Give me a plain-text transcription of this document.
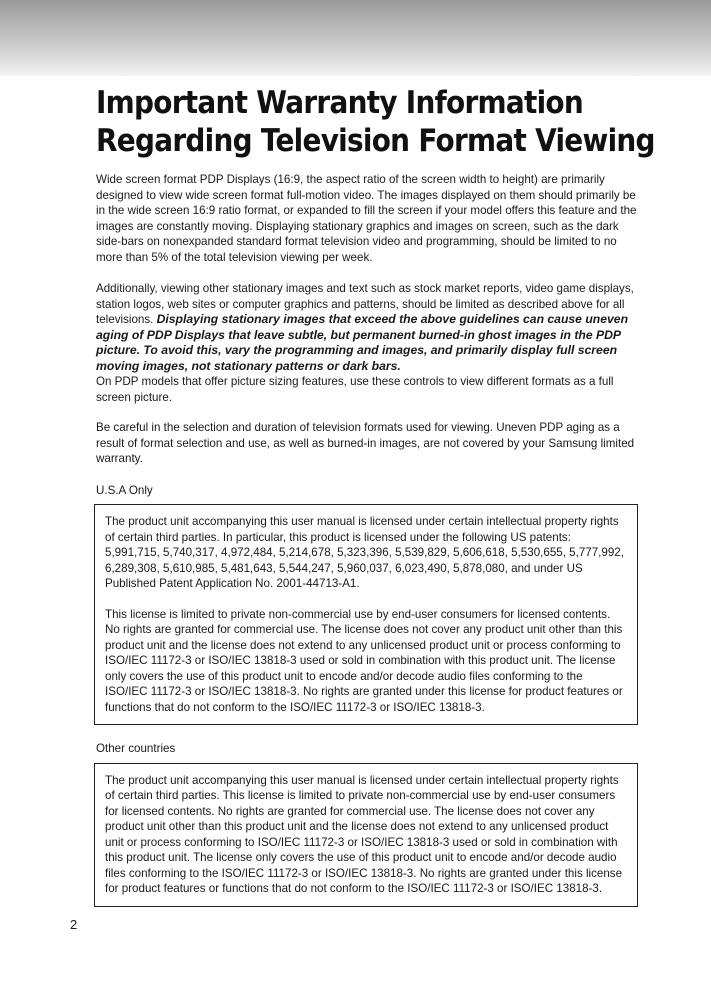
Important Warranty Information
Regarding Television Format Viewing

Wide screen format PDP Displays (16:9, the aspect ratio of the screen width to height) are primarily designed to view wide screen format full-motion video. The images displayed on them should primarily be in the wide screen 16:9 ratio format, or expanded to fill the screen if your model offers this feature and the images are constantly moving. Displaying stationary graphics and images on screen, such as the dark side-bars on nonexpanded standard format television video and programming, should be limited to no more than 5% of the total television viewing per week.

Additionally, viewing other stationary images and text such as stock market reports, video game displays, station logos, web sites or computer graphics and patterns, should be limited as described above for all televisions. Displaying stationary images that exceed the above guidelines can cause uneven aging of PDP Displays that leave subtle, but permanent burned-in ghost images in the PDP picture. To avoid this, vary the programming and images, and primarily display full screen moving images, not stationary patterns or dark bars.

On PDP models that offer picture sizing features, use these controls to view different formats as a full screen picture.

Be careful in the selection and duration of television formats used for viewing. Uneven PDP aging as a result of format selection and use, as well as burned-in images, are not covered by your Samsung limited warranty.

U.S.A Only

The product unit accompanying this user manual is licensed under certain intellectual property rights of certain third parties. In particular, this product is licensed under the following US patents: 5,991,715, 5,740,317, 4,972,484, 5,214,678, 5,323,396, 5,539,829, 5,606,618, 5,530,655, 5,777,992, 6,289,308, 5,610,985, 5,481,643, 5,544,247, 5,960,037, 6,023,490, 5,878,080, and under US Published Patent Application No. 2001-44713-A1.

This license is limited to private non-commercial use by end-user consumers for licensed contents. No rights are granted for commercial use. The license does not cover any product unit other than this product unit and the license does not extend to any unlicensed product unit or process conforming to ISO/IEC 11172-3 or ISO/IEC 13818-3 used or sold in combination with this product unit. The license only covers the use of this product unit to encode and/or decode audio files conforming to the ISO/IEC 11172-3 or ISO/IEC 13818-3. No rights are granted under this license for product features or functions that do not conform to the ISO/IEC 11172-3 or ISO/IEC 13818-3.

Other countries

The product unit accompanying this user manual is licensed under certain intellectual property rights of certain third parties. This license is limited to private non-commercial use by end-user consumers for licensed contents. No rights are granted for commercial use. The license does not cover any product unit other than this product unit and the license does not extend to any unlicensed product unit or process conforming to ISO/IEC 11172-3 or ISO/IEC 13818-3 used or sold in combination with this product unit. The license only covers the use of this product unit to encode and/or decode audio files conforming to the ISO/IEC 11172-3 or ISO/IEC 13818-3. No rights are granted under this license for product features or functions that do not conform to the ISO/IEC 11172-3 or ISO/IEC 13818-3.

2
